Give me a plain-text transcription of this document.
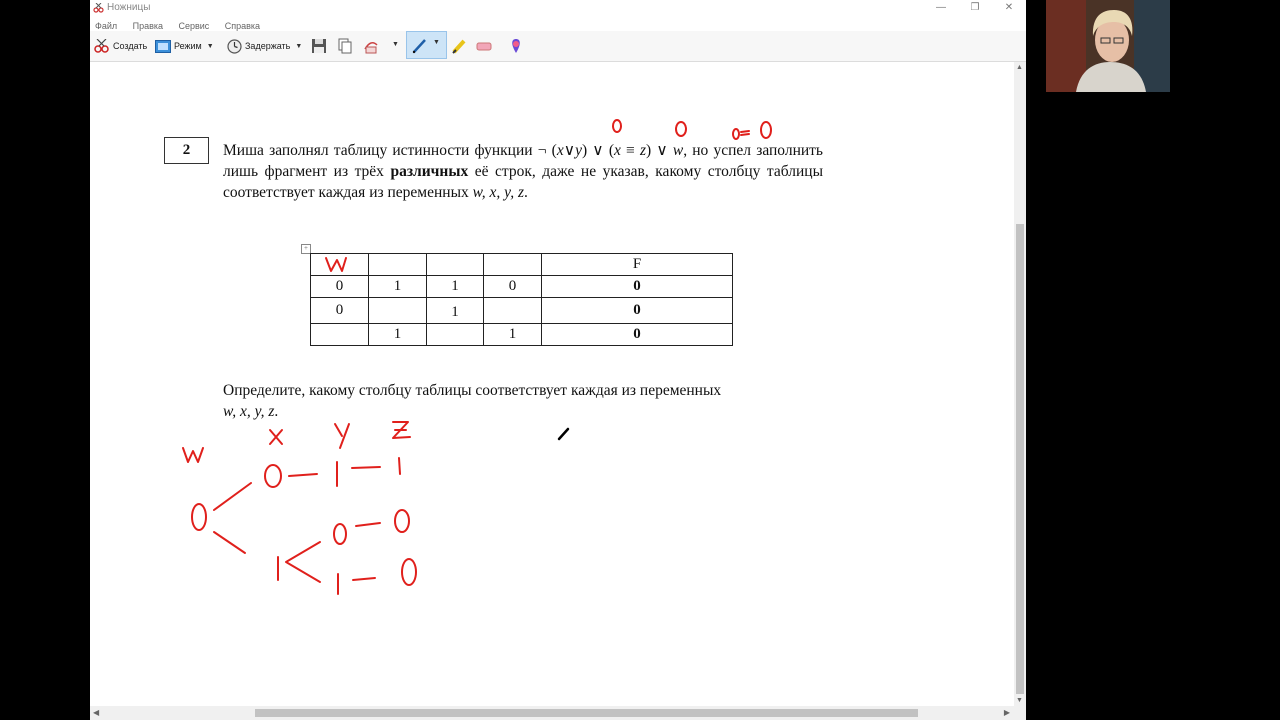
Ножницы	—	❐	✕
Файл Правка Сервис Справка
Создать	Режим ▼	Задержать ▼	▼	▼
2	Миша заполнял таблицу истинности функции ¬ (x∨y) ∨ (x ≡ z) ∨ w, но успел заполнить лишь фрагмент из трёх различных её строк, даже не указав, какому столбцу таблицы соответствует каждая из переменных w, x, y, z.
+
				F
0	1	1	0	0
0		1		0
	1		1	0
Определите, какому столбцу таблицы соответствует каждая из переменных
w, x, y, z.
▲
▼
◀	▶
